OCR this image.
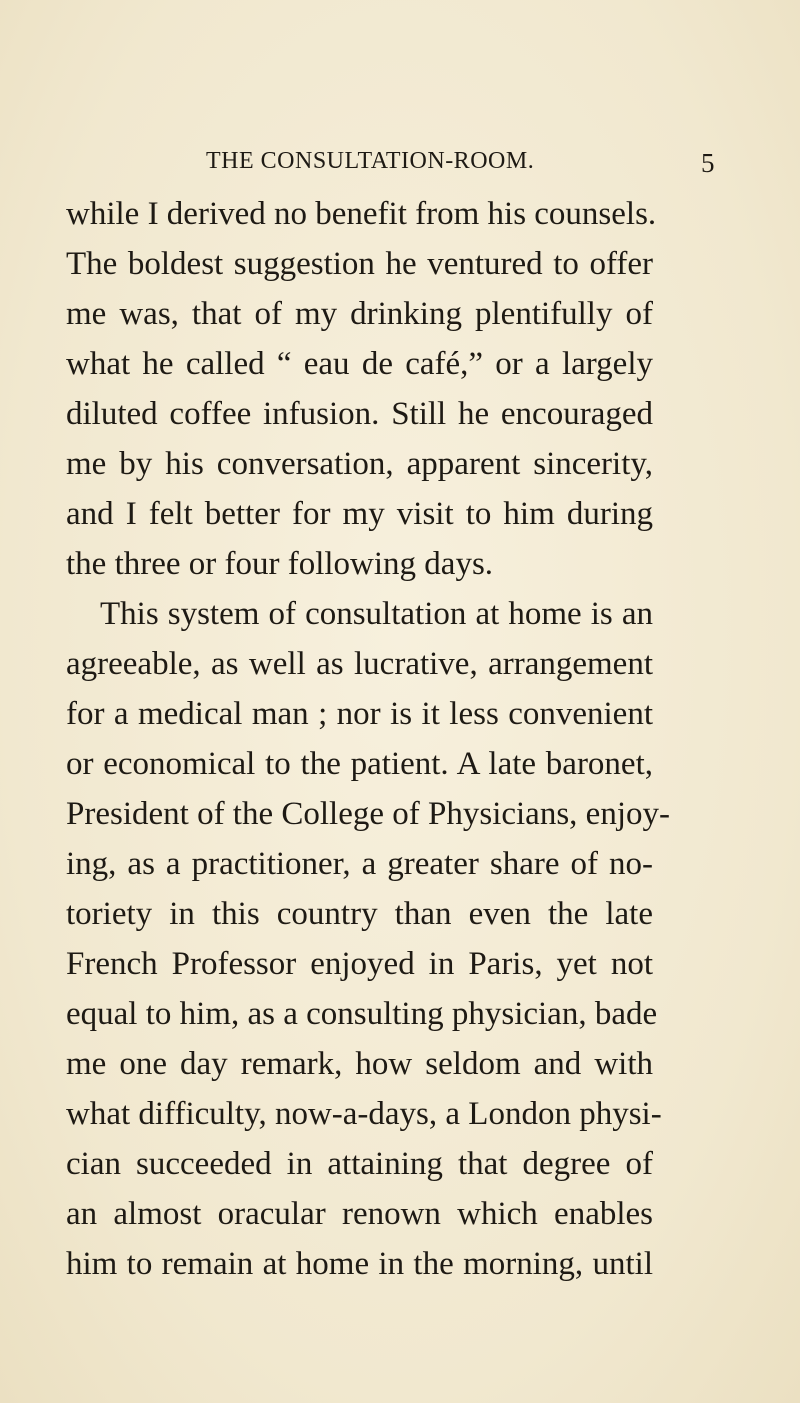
THE CONSULTATION-ROOM.	5
while I derived no benefit from his counsels.
The boldest suggestion he ventured to offer
me was, that of my drinking plentifully of
what he called “ eau de café,” or a largely
diluted coffee infusion. Still he encouraged
me by his conversation, apparent sincerity,
and I felt better for my visit to him during
the three or four following days.
This system of consultation at home is an
agreeable, as well as lucrative, arrangement
for a medical man ; nor is it less convenient
or economical to the patient. A late baronet,
President of the College of Physicians, enjoy-
ing, as a practitioner, a greater share of no-
toriety in this country than even the late
French Professor enjoyed in Paris, yet not
equal to him, as a consulting physician, bade
me one day remark, how seldom and with
what difficulty, now-a-days, a London physi-
cian succeeded in attaining that degree of
an almost oracular renown which enables
him to remain at home in the morning, until
